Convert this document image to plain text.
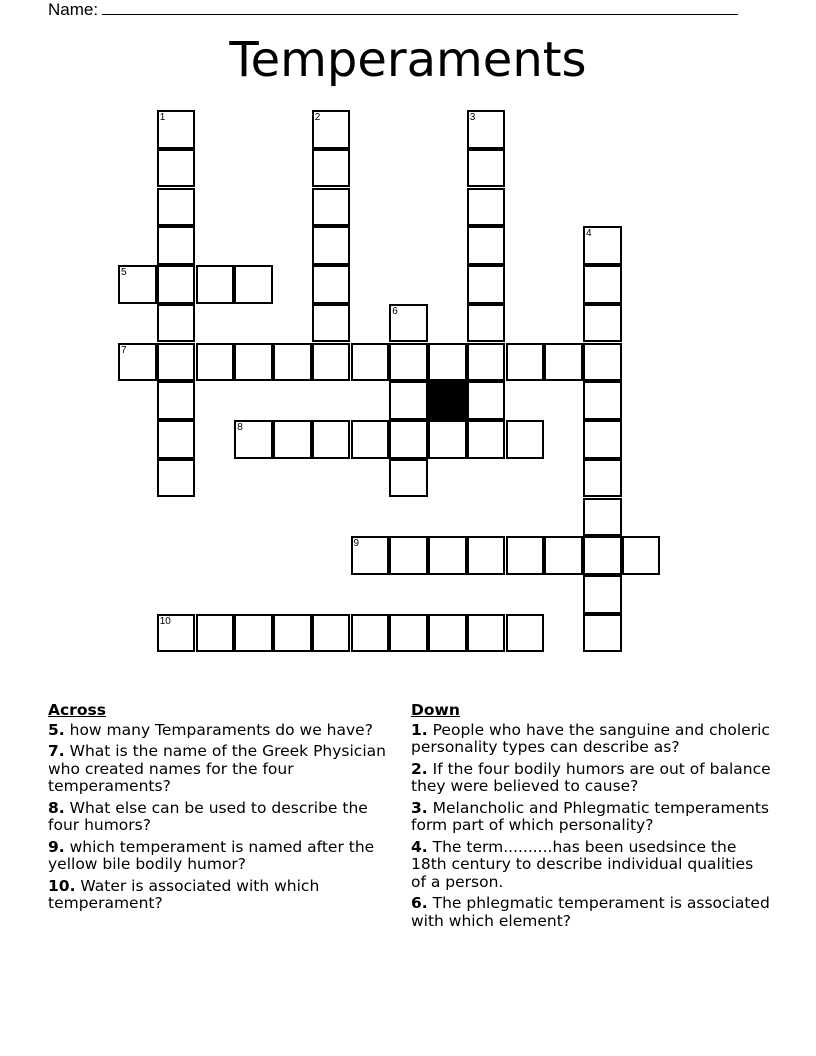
Name:
Temperaments
1	2	3
4
6
5
7
8
9
10
Across
5. how many Temparaments do we have?
7. What is the name of the Greek Physician who created names for the four temperaments?
8. What else can be used to describe the four humors?
9. which temperament is named after the yellow bile bodily humor?
10. Water is associated with which temperament?
Down
1. People who have the sanguine and choleric personality types can describe as?
2. If the four bodily humors are out of balance they were believed to cause?
3. Melancholic and Phlegmatic temperaments form part of which personality?
4. The term..........has been usedsince the 18th century to describe individual qualities of a person.
6. The phlegmatic temperament is associated with which element?
